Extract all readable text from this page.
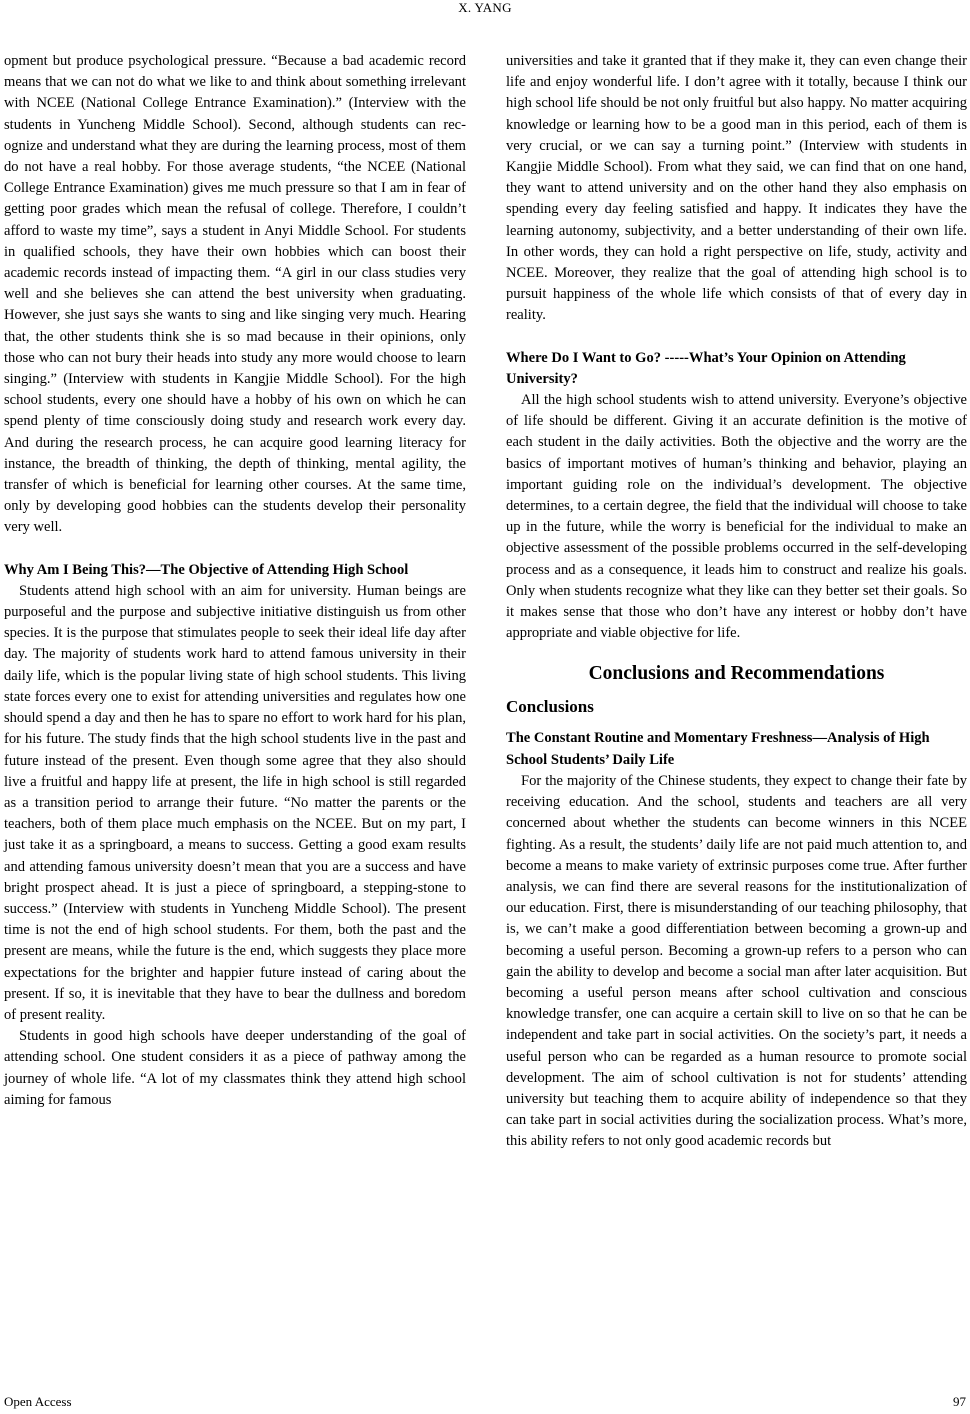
X. YANG

opment but produce psychological pressure. “Because a bad academic record means that we can not do what we like to and think about something irrelevant with NCEE (National College Entrance Examination).” (Interview with the students in Yuncheng Middle School). Second, although students can recognize and understand what they are during the learning process, most of them do not have a real hobby. For those average students, “the NCEE (National College Entrance Examination) gives me much pressure so that I am in fear of getting poor grades which mean the refusal of college. Therefore, I couldn’t afford to waste my time”, says a student in Anyi Middle School. For students in qualified schools, they have their own hobbies which can boost their academic records instead of impacting them. “A girl in our class studies very well and she believes she can attend the best university when graduating. However, she just says she wants to sing and like singing very much. Hearing that, the other students think she is so mad because in their opinions, only those who can not bury their heads into study any more would choose to learn singing.” (Interview with students in Kangjie Middle School). For the high school students, every one should have a hobby of his own on which he can spend plenty of time consciously doing study and research work every day. And during the research process, he can acquire good learning literacy for instance, the breadth of thinking, the depth of thinking, mental agility, the transfer of which is beneficial for learning other courses. At the same time, only by developing good hobbies can the students develop their personality very well.

Why Am I Being This?—The Objective of Attending High School

Students attend high school with an aim for university. Human beings are purposeful and the purpose and subjective initiative distinguish us from other species. It is the purpose that stimulates people to seek their ideal life day after day. The majority of students work hard to attend famous university in their daily life, which is the popular living state of high school students. This living state forces every one to exist for attending universities and regulates how one should spend a day and then he has to spare no effort to work hard for his plan, for his future. The study finds that the high school students live in the past and future instead of the present. Even though some agree that they also should live a fruitful and happy life at present, the life in high school is still regarded as a transition period to arrange their future. “No matter the parents or the teachers, both of them place much emphasis on the NCEE. But on my part, I just take it as a springboard, a means to success. Getting a good exam results and attending famous university doesn’t mean that you are a success and have bright prospect ahead. It is just a piece of springboard, a stepping-stone to success.” (Interview with students in Yuncheng Middle School). The present time is not the end of high school students. For them, both the past and the present are means, while the future is the end, which suggests they place more expectations for the brighter and happier future instead of caring about the present. If so, it is inevitable that they have to bear the dullness and boredom of present reality.

Students in good high schools have deeper understanding of the goal of attending school. One student considers it as a piece of pathway among the journey of whole life. “A lot of my classmates think they attend high school aiming for famous

universities and take it granted that if they make it, they can even change their life and enjoy wonderful life. I don’t agree with it totally, because I think our high school life should be not only fruitful but also happy. No matter acquiring knowledge or learning how to be a good man in this period, each of them is very crucial, or we can say a turning point.” (Interview with students in Kangjie Middle School). From what they said, we can find that on one hand, they want to attend university and on the other hand they also emphasis on spending every day feeling satisfied and happy. It indicates they have the learning autonomy, subjectivity, and a better understanding of their own life. In other words, they can hold a right perspective on life, study, activity and NCEE. Moreover, they realize that the goal of attending high school is to pursuit happiness of the whole life which consists of that of every day in reality.

Where Do I Want to Go? -----What’s Your Opinion on Attending University?

All the high school students wish to attend university. Everyone’s objective of life should be different. Giving it an accurate definition is the motive of each student in the daily activities. Both the objective and the worry are the basics of important motives of human’s thinking and behavior, playing an important guiding role on the individual’s development. The objective determines, to a certain degree, the field that the individual will choose to take up in the future, while the worry is beneficial for the individual to make an objective assessment of the possible problems occurred in the self-developing process and as a consequence, it leads him to construct and realize his goals. Only when students recognize what they like can they better set their goals. So it makes sense that those who don’t have any interest or hobby don’t have appropriate and viable objective for life.

Conclusions and Recommendations
Conclusions

The Constant Routine and Momentary Freshness—Analysis of High School Students’ Daily Life

For the majority of the Chinese students, they expect to change their fate by receiving education. And the school, students and teachers are all very concerned about whether the students can become winners in this NCEE fighting. As a result, the students’ daily life are not paid much attention to, and become a means to make variety of extrinsic purposes come true. After further analysis, we can find there are several reasons for the institutionalization of our education. First, there is misunderstanding of our teaching philosophy, that is, we can’t make a good differentiation between becoming a grown-up and becoming a useful person. Becoming a grown-up refers to a person who can gain the ability to develop and become a social man after later acquisition. But becoming a useful person means after school cultivation and conscious knowledge transfer, one can acquire a certain skill to live on so that he can be independent and take part in social activities. On the society’s part, it needs a useful person who can be regarded as a human resource to promote social development. The aim of school cultivation is not for students’ attending university but teaching them to acquire ability of independence so that they can take part in social activities during the socialization process. What’s more, this ability refers to not only good academic records but

Open Access	97
